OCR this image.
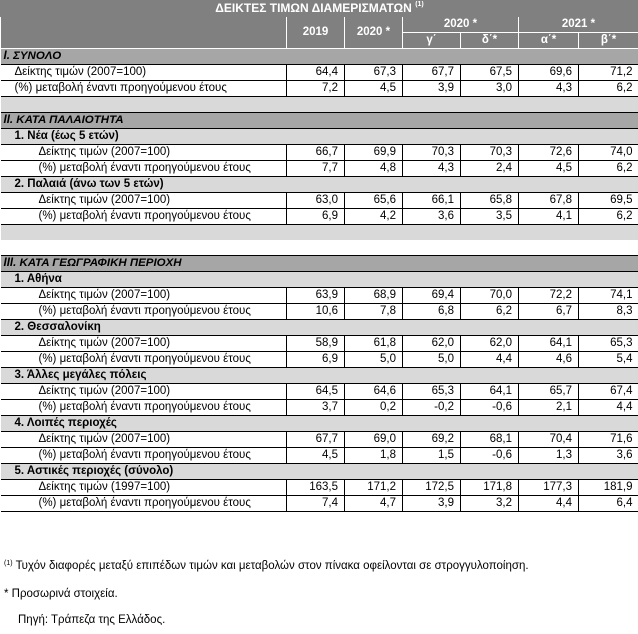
ΔΕΙΚΤΕΣ ΤΙΜΩΝ ΔΙΑΜΕΡΙΣΜΑΤΩΝ $^{(1)}$
	2019	2020 *	2020 *		2021 *	
			γ΄	δ΄*	α΄*	β΄*
I. ΣΥΝΟΛΟ						
Δείκτης τιμών (2007=100)	64,4	67,3	67,7	67,5	69,6	71,2
(%) μεταβολή έναντι προηγούμενου έτους	7,2	4,5	3,9	3,0	4,3	6,2

II. ΚΑΤΑ ΠΑΛΑΙΟΤΗΤΑ						
1. Νέα (έως 5 ετών)						
Δείκτης τιμών (2007=100)	66,7	69,9	70,3	70,3	72,6	74,0
(%) μεταβολή έναντι προηγούμενου έτους	7,7	4,8	4,3	2,4	4,5	6,2
2. Παλαιά (άνω των 5 ετών)						
Δείκτης τιμών (2007=100)	63,0	65,6	66,1	65,8	67,8	69,5
(%) μεταβολή έναντι προηγούμενου έτους	6,9	4,2	3,6	3,5	4,1	6,2

III. ΚΑΤΑ ΓΕΩΓΡΑΦΙΚΗ ΠΕΡΙΟΧΗ						
1. Αθήνα						
Δείκτης τιμών (2007=100)	63,9	68,9	69,4	70,0	72,2	74,1
(%) μεταβολή έναντι προηγούμενου έτους	10,6	7,8	6,8	6,2	6,7	8,3
2. Θεσσαλονίκη						
Δείκτης τιμών (2007=100)	58,9	61,8	62,0	62,0	64,1	65,3
(%) μεταβολή έναντι προηγούμενου έτους	6,9	5,0	5,0	4,4	4,6	5,4
3. Άλλες μεγάλες πόλεις						
Δείκτης τιμών (2007=100)	64,5	64,6	65,3	64,1	65,7	67,4
(%) μεταβολή έναντι προηγούμενου έτους	3,7	0,2	-0,2	-0,6	2,1	4,4
4. Λοιπές περιοχές						
Δείκτης τιμών (2007=100)	67,7	69,0	69,2	68,1	70,4	71,6
(%) μεταβολή έναντι προηγούμενου έτους	4,5	1,8	1,5	-0,6	1,3	3,6
5. Αστικές περιοχές (σύνολο)						
Δείκτης τιμών (1997=100)	163,5	171,2	172,5	171,8	177,3	181,9
(%) μεταβολή έναντι προηγούμενου έτους	7,4	4,7	3,9	3,2	4,4	6,4
$^{(1)}$ Τυχόν διαφορές μεταξύ επιπέδων τιμών και μεταβολών στον πίνακα οφείλονται σε στρογγυλοποίηση.
* Προσωρινά στοιχεία.
Πηγή: Τράπεζα της Ελλάδος.
